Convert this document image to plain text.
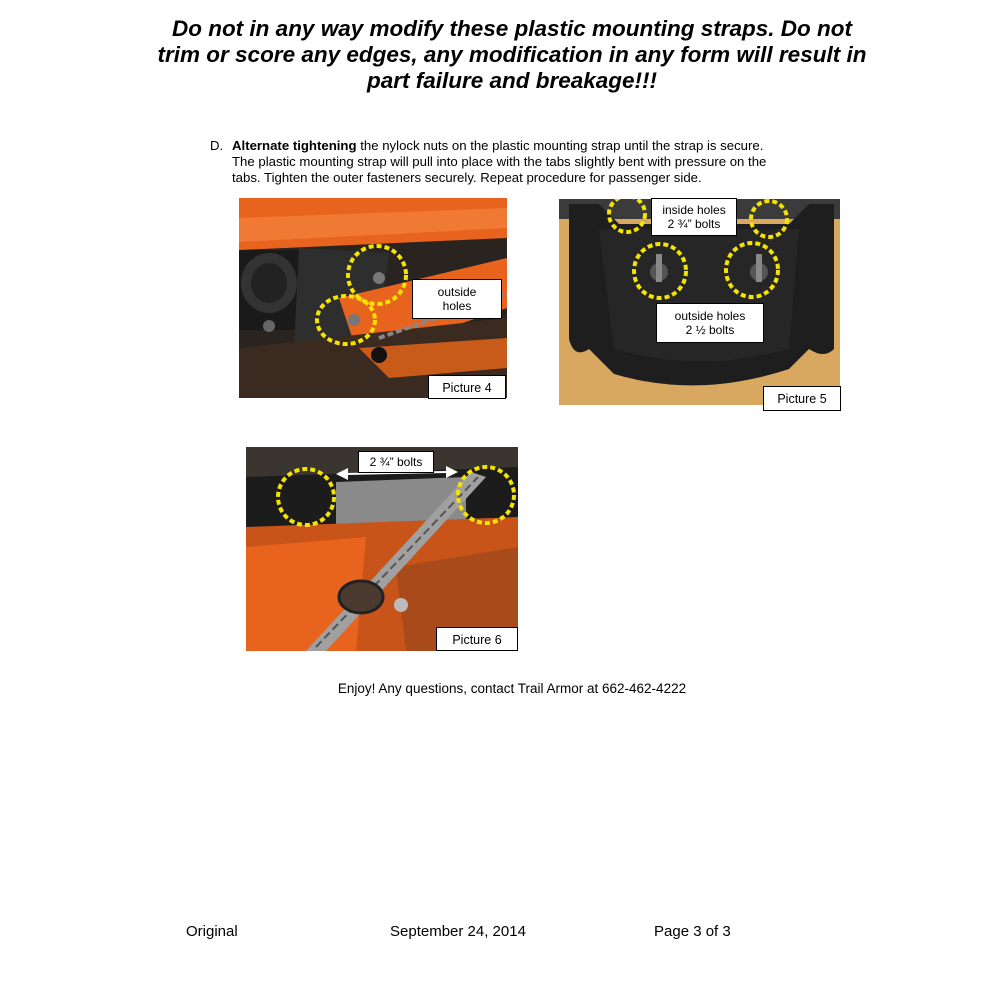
Do not in any way modify these plastic mounting straps. Do not trim or score any edges, any modification in any form will result in part failure and breakage!!!

D. Alternate tightening the nylock nuts on the plastic mounting strap until the strap is secure.
The plastic mounting strap will pull into place with the tabs slightly bent with pressure on the
tabs. Tighten the outer fasteners securely. Repeat procedure for passenger side.
outside
holes
Picture 4
inside holes
2 ¾” bolts
outside holes
2 ½ bolts
Picture 5
2 ¾” bolts
Picture 6
Enjoy! Any questions, contact Trail Armor at 662-462-4222
Original	September 24, 2014	Page 3 of 3
